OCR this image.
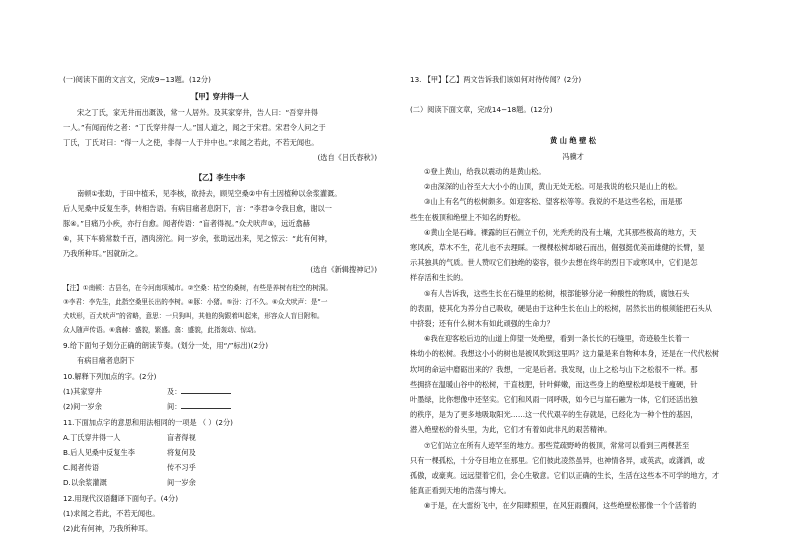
(一)阅读下面的文言文，完成9−13题。(12分)
【甲】穿井得一人
宋之丁氏，家无井而出溉汲，常一人居外。及其家穿井，告人曰：“吾穿井得
一人。”有闻而传之者：“丁氏穿井得一人。”国人道之，闻之于宋君。宋君令人问之于
丁氏，丁氏对曰：“得一人之使，非得一人于井中也。”求闻之若此，不若无闻也。
(选自《吕氏春秋》)
【乙】李生中李
南顿①张助，于田中植禾，见李核，欲持去，顾见空桑②中有土因植种以余浆灌溉。
后人见桑中反复生李，转相告语。有病目痛者息阴下，言：“李君③令我目愈，谢以一
豚④。”目痛乃小疾，亦行自愈。闻者传语：“盲者得视。”众犬吠声⑤，远近翕赫
⑥，其下车骑常数千百，酒肉滂沱。间一岁余，张助远出来，见之惊云：“此有何神，
乃我所种耳。”因就斫之。
(选自《新辑搜神记》)
【注】①南顿：古县名，在今河南项城市。②空桑：枯空的桑树，有些是养树有柱空的树洞。
③李君：李先生，此指空桑里长出的李树。④豚：小猪。⑤汾：汀不久。⑥众犬吠声：是“一
犬吠形，百犬吠声”的省略，意思：一只狗叫，其他的狗跟着叫起来，形容众人盲目附和。
众人随声传语。⑥翕赫：盛貌，繁盛。翕：盛貌，此指轰动、惊动。
9.给下面句子划分正确的朗读节奏。(划分一处，用“/”标出)(2分)
有病目痛者息阴下
10.解释下列加点的字。(2分)
(1)其家穿井	及：
(2)间一岁余	间：
11.下面加点字的意思和用法相同的一项是 （ ）(2分)
A.丁氏穿井得一人	盲者得视
B.后人见桑中反复生李	将复何及
C.闻者传语	传不习乎
D.以余浆灌溉	间一岁余
12.用现代汉语翻译下面句子。(4分)
(1)求闻之若此，不若无闻也。
(2)此有何神，乃我所种耳。
13. 【甲】【乙】两文告诉我们该如何对待传闻？(2分)
(二）阅读下面文章，完成14−18题。(12分)
黄 山 绝 壁 松
冯骥才
①登上黄山，给我以震动的是黄山松。
②由深深的山谷至大大小小的山顶，黄山无处无松。可是我说的松只是山上的松。
③山上有名气的松树颇多。如迎客松、望客松等等。我说的不是这些名松，而是那
些生在极顶和绝壁上不知名的野松。
④黄山全是石峰。裸露的巨石侧立千仞，光秃秃的没有土壤，尤其那些极高的地方，天
寒风疾，草木不生，花儿也不去理睬。一棵棵松树却破石而出，倔强挺优美而雄健的长臂，显
示其独具的气质。世人赞叹它们独绝的姿容，很少去想在终年的烈日下或寒风中，它们是怎
样存活和生长的。
⑤有人告诉我，这些生长在石缝里的松树，根部能够分泌一种酸性的物质，腐蚀石头
的表面，使其化为养分自己吸收，硬是由于这种生长在山上的松树，居然长出的根须能把石头从
中挤裂；还有什么树木有如此顽强的生命力？
⑥我在迎客松后边的山道上仰望一处绝壁，看到一条长长的石缝里，奇迹般生长着一
株幼小的松树。我想这小小的树也是被风吹到这里吗？这力量是来自物种本身，还是在一代代松树
坎坷的命运中磨砺出来的？我想，一定是后者。我发现，山上之松与山下之松很不一样。那
些拥挤在温暖山谷中的松树，干直枝肥，针叶鲜嫩，而这些身上的绝壁松却是枝干瘦硬，针
叶墨绿，比你想像中还坚实。它们和风雨一同呼吸，如今已与崖石融为一体，它们还活出独
的秩序，是为了更多地吸取阳光……这一代代艰辛的生存就是，已经化为一种个性的基因，
潜入绝壁松的骨头里，为此，它们才有着如此非凡的艰苦精神。
⑦它们站立在所有人迹罕至的地方。那些荒疏野岭的极顶，常常可以看到三两棵甚至
只有一棵孤松，十分夺目地立在那里。它们彼此凌然虽异，也神情各异，或英武，或潇洒，或
孤傲，或豪爽。远远望着它们，会心生敬意。它们以正确的生长，生活在这些本不可学的地方，才
能真正看到天地的浩荡与博大。
⑧于是，在大雷纷飞中，在夕阳肆照里，在风狂雨骤间，这些绝壁松都像一个个活着的
